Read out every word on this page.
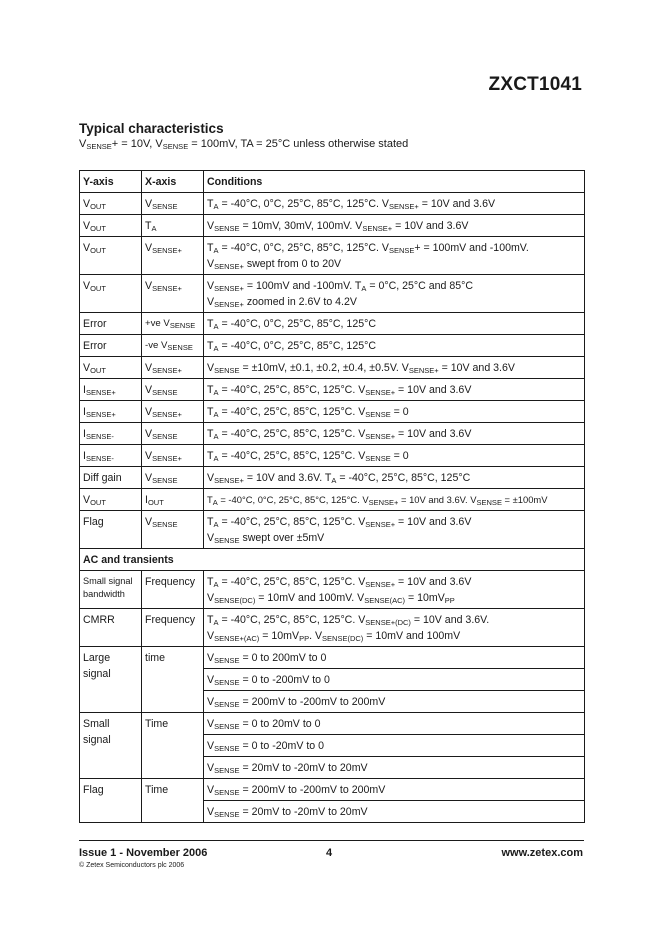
ZXCT1041
Typical characteristics
$V_{SENSE}+ = 10V$, $V_{SENSE} = 100mV$, TA = 25°C unless otherwise stated
Y-axis	X-axis	Conditions
$V_{OUT}$	$V_{SENSE}$	$T_A = -40^\circ C$, 0°C, 25°C, 85°C, 125°C. $V_{SENSE+} = 10V$ and 3.6V

$V_{OUT}$	$T_A$	$V_{SENSE} = 10mV$, 30mV, 100mV. $V_{SENSE+} = 10V$ and 3.6V

$V_{OUT}$	$V_{SENSE+}$	$T_A = -40^\circ C$, 0°C, 25°C, 85°C, 125°C. $V_{SENSE}+ = 100mV$ and -100mV.
$V_{SENSE+}$ swept from 0 to 20V

$V_{OUT}$	$V_{SENSE+}$	$V_{SENSE+} = 100mV$ and -100mV. $T_A = 0^\circ C$, 25°C and 85°C
$V_{SENSE+}$ zoomed in 2.6V to 4.2V

Error	+ve $V_{SENSE}$	$T_A = -40^\circ C$, 0°C, 25°C, 85°C, 125°C

Error	-ve $V_{SENSE}$	$T_A = -40^\circ C$, 0°C, 25°C, 85°C, 125°C

$V_{OUT}$	$V_{SENSE+}$	$V_{SENSE} = \pm 10mV$, ±0.1, ±0.2, ±0.4, ±0.5V. $V_{SENSE+} = 10V$ and 3.6V

$I_{SENSE+}$	$V_{SENSE}$	$T_A = -40^\circ C$, 25°C, 85°C, 125°C. $V_{SENSE+} = 10V$ and 3.6V

$I_{SENSE+}$	$V_{SENSE+}$	$T_A = -40^\circ C$, 25°C, 85°C, 125°C. $V_{SENSE} = 0$

$I_{SENSE-}$	$V_{SENSE}$	$T_A = -40^\circ C$, 25°C, 85°C, 125°C. $V_{SENSE+} = 10V$ and 3.6V

$I_{SENSE-}$	$V_{SENSE+}$	$T_A = -40^\circ C$, 25°C, 85°C, 125°C. $V_{SENSE} = 0$

Diff gain	$V_{SENSE}$	$V_{SENSE+} = 10V$ and 3.6V. $T_A = -40^\circ C$, 25°C, 85°C, 125°C

$V_{OUT}$	$I_{OUT}$	$T_A = -40^\circ C$, 0°C, 25°C, 85°C, 125°C. $V_{SENSE+} = 10V$ and 3.6V. $V_{SENSE} = \pm 100mV$

Flag	$V_{SENSE}$	$T_A = -40^\circ C$, 25°C, 85°C, 125°C. $V_{SENSE+} = 10V$ and 3.6V
$V_{SENSE}$ swept over ±5mV

AC and transients		
Small signal bandwidth	Frequency	$T_A = -40^\circ C$, 25°C, 85°C, 125°C. $V_{SENSE+} = 10V$ and 3.6V
$V_{SENSE(DC)} = 10mV$ and 100mV. $V_{SENSE(AC)} = 10mV_{PP}$

CMRR	Frequency	$T_A = -40^\circ C$, 25°C, 85°C, 125°C. $V_{SENSE+(DC)} = 10V$ and 3.6V.
$V_{SENSE+(AC)} = 10mV_{PP}$. $V_{SENSE(DC)} = 10mV$ and 100mV

Large signal	time	$V_{SENSE} = 0$ to 200mV to 0
		$V_{SENSE} = 0$ to -200mV to 0
		$V_{SENSE} = 200mV$ to -200mV to 200mV
Small signal	Time	$V_{SENSE} = 0$ to 20mV to 0
		$V_{SENSE} = 0$ to -20mV to 0
		$V_{SENSE} = 20mV$ to -20mV to 20mV
Flag	Time	$V_{SENSE} = 200mV$ to -200mV to 200mV
		$V_{SENSE} = 20mV$ to -20mV to 20mV
Issue 1 - November 2006	4	www.zetex.com
© Zetex Semiconductors plc 2006
